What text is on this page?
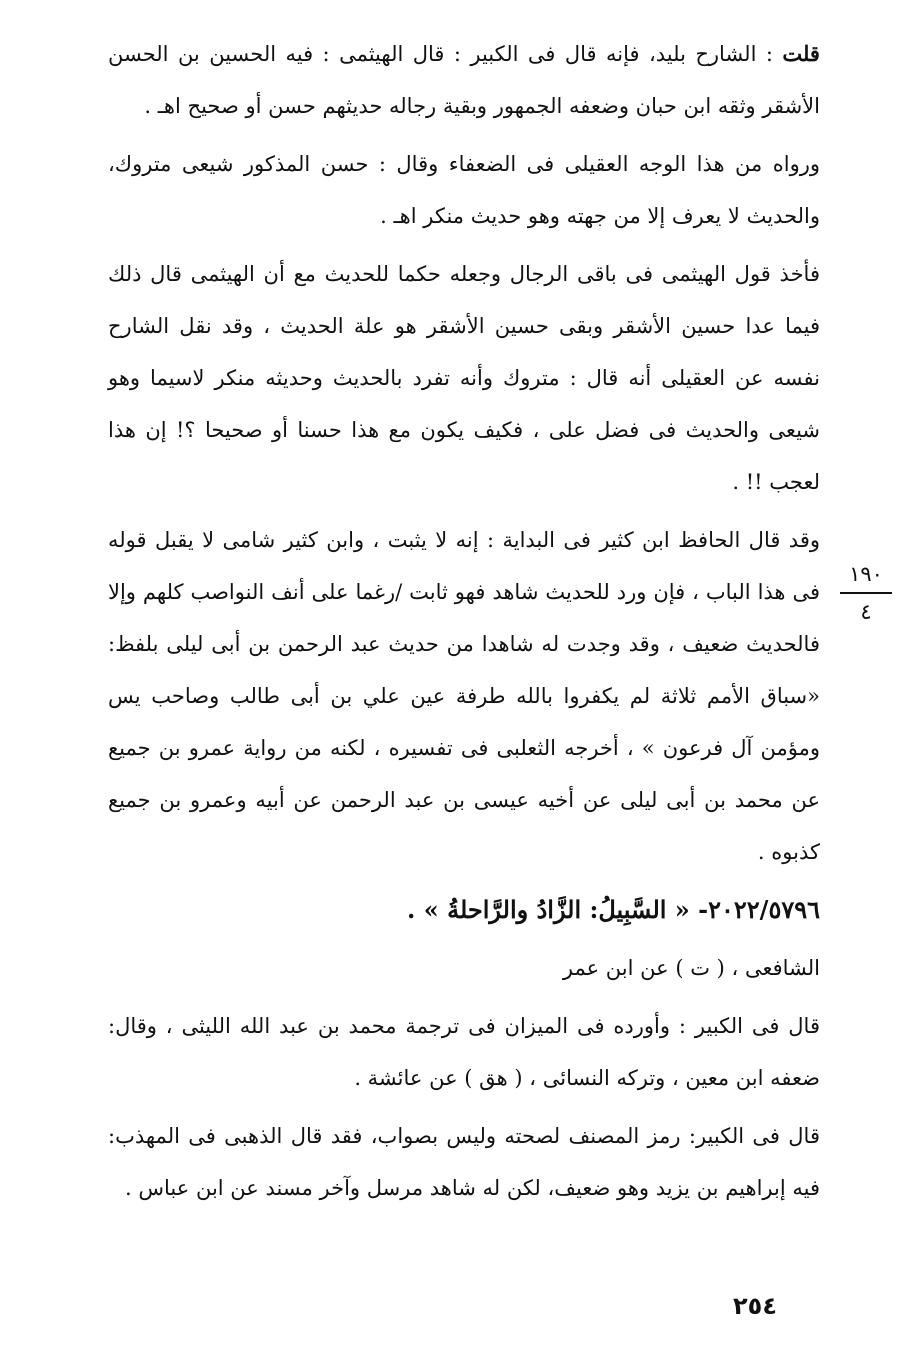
قلت : الشارح بليد، فإنه قال فى الكبير : قال الهيثمى : فيه الحسين بن الحسن الأشقر وثقه ابن حبان وضعفه الجمهور وبقية رجاله حديثهم حسن أو صحيح اهـ .

ورواه من هذا الوجه العقيلى فى الضعفاء وقال : حسن المذكور شيعى متروك، والحديث لا يعرف إلا من جهته وهو حديث منكر اهـ .

فأخذ قول الهيثمى فى باقى الرجال وجعله حكما للحديث مع أن الهيثمى قال ذلك فيما عدا حسين الأشقر وبقى حسين الأشقر هو علة الحديث ، وقد نقل الشارح نفسه عن العقيلى أنه قال : متروك وأنه تفرد بالحديث وحديثه منكر لاسيما وهو شيعى والحديث فى فضل على ، فكيف يكون مع هذا حسنا أو صحيحا ؟! إن هذا لعجب !! .

وقد قال الحافظ ابن كثير فى البداية : إنه لا يثبت ، وابن كثير شامى لا يقبل قوله فى هذا الباب ، فإن ورد للحديث شاهد فهو ثابت /رغما على أنف النواصب كلهم وإلا فالحديث ضعيف ، وقد وجدت له شاهدا من حديث عبد الرحمن بن أبى ليلى بلفظ: «سباق الأمم ثلاثة لم يكفروا بالله طرفة عين علي بن أبى طالب وصاحب يس ومؤمن آل فرعون » ، أخرجه الثعلبى فى تفسيره ، لكنه من رواية عمرو بن جميع عن محمد بن أبى ليلى عن أخيه عيسى بن عبد الرحمن عن أبيه وعمرو بن جميع كذبوه .

٢٠٢٢/٥٧٩٦- « السَّبِيلُ: الزَّادُ والرَّاحلةُ » .

الشافعى ، ( ت ) عن ابن عمر

قال فى الكبير : وأورده فى الميزان فى ترجمة محمد بن عبد الله الليثى ، وقال: ضعفه ابن معين ، وتركه النسائى ، ( هق ) عن عائشة .

قال فى الكبير: رمز المصنف لصحته وليس بصواب، فقد قال الذهبى فى المهذب: فيه إبراهيم بن يزيد وهو ضعيف، لكن له شاهد مرسل وآخر مسند عن ابن عباس .

١٩٠
٤
٢٥٤
